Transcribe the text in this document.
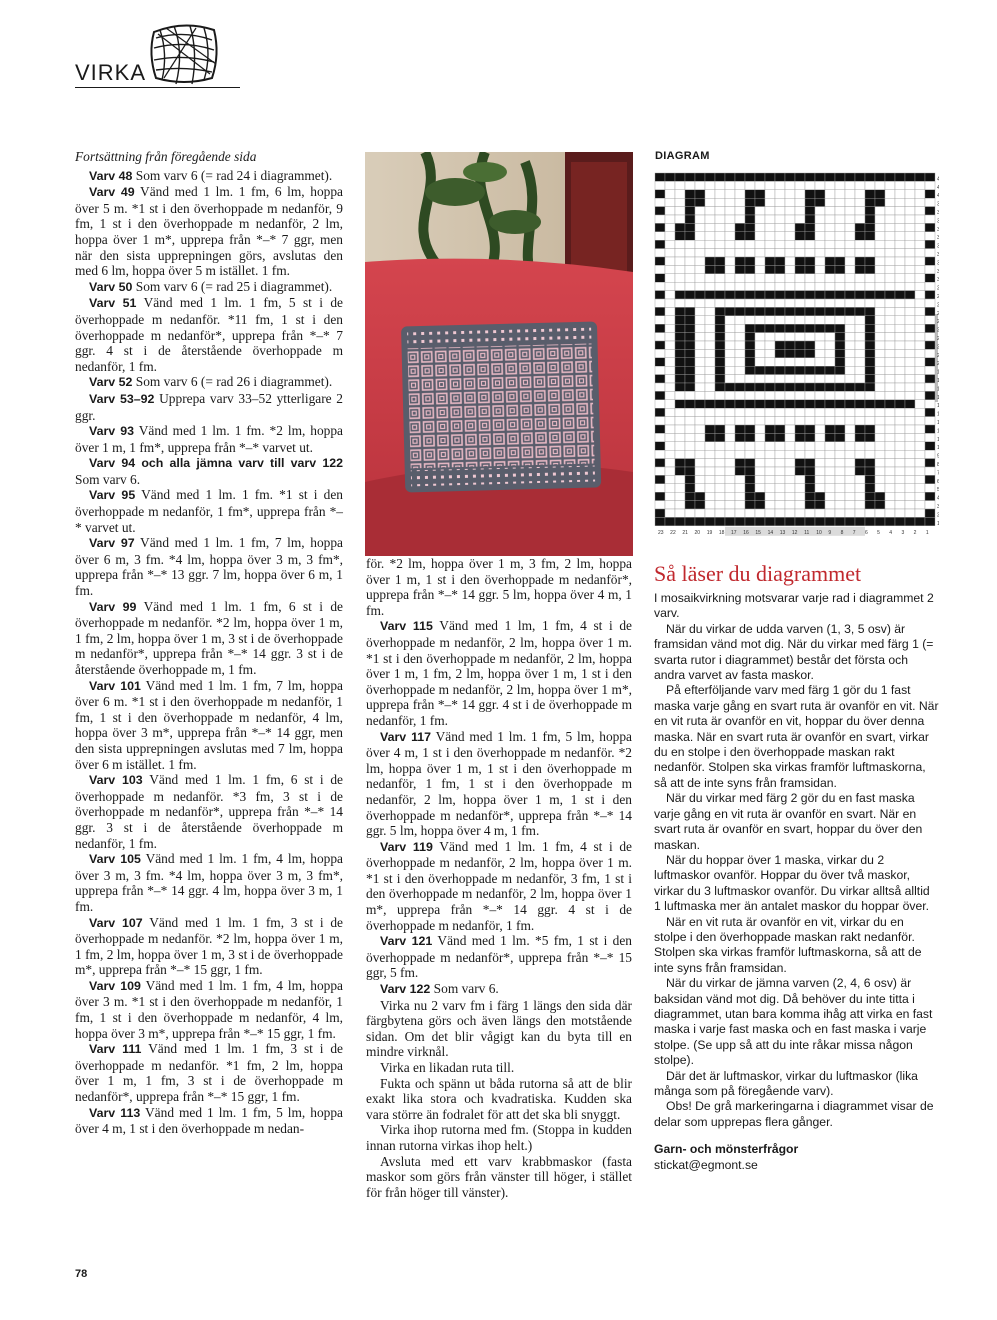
VIRKA

Fortsättning från föregående sida

Varv 48 Som varv 6 (= rad 24 i diagrammet).

Varv 49 Vänd med 1 lm. 1 fm, 6 lm, hoppa över 5 m. *1 st i den överhoppade m nedanför, 9 fm, 1 st i den överhoppade m nedanför, 2 lm, hoppa över 1 m*, upprepa från *–* 7 ggr, men när den sista upprepningen görs, avslutas den med 6 lm, hoppa över 5 m istället. 1 fm.

Varv 50 Som varv 6 (= rad 25 i diagrammet).

Varv 51 Vänd med 1 lm. 1 fm, 5 st i de överhoppade m nedanför. *11 fm, 1 st i den överhoppade m nedanför*, upprepa från *–* 7 ggr. 4 st i de återstående överhoppade m nedanför, 1 fm.

Varv 52 Som varv 6 (= rad 26 i diagrammet).

Varv 53–92 Upprepa varv 33–52 ytterligare 2 ggr.

Varv 93 Vänd med 1 lm. 1 fm. *2 lm, hoppa över 1 m, 1 fm*, upprepa från *–* varvet ut.

Varv 94 och alla jämna varv till varv 122 Som varv 6.

Varv 95 Vänd med 1 lm. 1 fm. *1 st i den överhoppade m nedanför, 1 fm*, upprepa från *–* varvet ut.

Varv 97 Vänd med 1 lm. 1 fm, 7 lm, hoppa över 6 m, 3 fm. *4 lm, hoppa över 3 m, 3 fm*, upprepa från *–* 13 ggr. 7 lm, hoppa över 6 m, 1 fm.

Varv 99 Vänd med 1 lm. 1 fm, 6 st i de överhoppade m nedanför. *2 lm, hoppa över 1 m, 1 fm, 2 lm, hoppa över 1 m, 3 st i de överhoppade m nedanför*, upprepa från *–* 14 ggr. 3 st i de återstående överhoppade m, 1 fm.

Varv 101 Vänd med 1 lm. 1 fm, 7 lm, hoppa över 6 m. *1 st i den överhoppade m nedanför, 1 fm, 1 st i den överhoppade m nedanför, 4 lm, hoppa över 3 m*, upprepa från *–* 14 ggr, men den sista upprepningen avslutas med 7 lm, hoppa över 6 m istället. 1 fm.

Varv 103 Vänd med 1 lm. 1 fm, 6 st i de överhoppade m nedanför. *3 fm, 3 st i de överhoppade m nedanför*, upprepa från *–* 14 ggr. 3 st i de återstående överhoppade m nedanför, 1 fm.

Varv 105 Vänd med 1 lm. 1 fm, 4 lm, hoppa över 3 m, 3 fm. *4 lm, hoppa över 3 m, 3 fm*, upprepa från *–* 14 ggr. 4 lm, hoppa över 3 m, 1 fm.

Varv 107 Vänd med 1 lm. 1 fm, 3 st i de överhoppade m nedanför. *2 lm, hoppa över 1 m, 1 fm, 2 lm, hoppa över 1 m, 3 st i de överhoppade m*, upprepa från *–* 15 ggr, 1 fm.

Varv 109 Vänd med 1 lm. 1 fm, 4 lm, hoppa över 3 m. *1 st i den överhoppade m nedanför, 1 fm, 1 st i den överhoppade m nedanför, 4 lm, hoppa över 3 m*, upprepa från *–* 15 ggr, 1 fm.

Varv 111 Vänd med 1 lm. 1 fm, 3 st i de överhoppade m nedanför. *1 fm, 2 lm, hoppa över 1 m, 1 fm, 3 st i de överhoppade m nedanför*, upprepa från *–* 15 ggr, 1 fm.

Varv 113 Vänd med 1 lm. 1 fm, 5 lm, hoppa över 4 m, 1 st i den överhoppade m nedan-

för. *2 lm, hoppa över 1 m, 3 fm, 2 lm, hoppa över 1 m, 1 st i den överhoppade m nedanför*, upprepa från *–* 14 ggr. 5 lm, hoppa över 4 m, 1 fm.

Varv 115 Vänd med 1 lm, 1 fm, 4 st i de överhoppade m nedanför, 2 lm, hoppa över 1 m. *1 st i den överhoppade m nedanför, 2 lm, hoppa över 1 m, 1 fm, 2 lm, hoppa över 1 m, 1 st i den överhoppade m nedanför, 2 lm, hoppa över 1 m*, upprepa från *–* 14 ggr. 4 st i de överhoppade m nedanför, 1 fm.

Varv 117 Vänd med 1 lm. 1 fm, 5 lm, hoppa över 4 m, 1 st i den överhoppade m nedanför. *2 lm, hoppa över 1 m, 1 st i den överhoppade m nedanför, 1 fm, 1 st i den överhoppade m nedanför, 2 lm, hoppa över 1 m, 1 st i den överhoppade m nedanför*, upprepa från *–* 14 ggr. 5 lm, hoppa över 4 m, 1 fm.

Varv 119 Vänd med 1 lm. 1 fm, 4 st i de överhoppade m nedanför, 2 lm, hoppa över 1 m. *1 st i den överhoppade m nedanför, 3 fm, 1 st i den överhoppade m nedanför, 2 lm, hoppa över 1 m*, upprepa från *–* 14 ggr. 4 st i de överhoppade m nedanför, 1 fm.

Varv 121 Vänd med 1 lm. *5 fm, 1 st i den överhoppade m nedanför*, upprepa från *–* 15 ggr, 5 fm.

Varv 122 Som varv 6.

Virka nu 2 varv fm i färg 1 längs den sida där färgbytena görs och även längs den motstående sidan. Om det blir vågigt kan du byta till en mindre virknål.

Virka en likadan ruta till.

Fukta och spänn ut båda rutorna så att de blir exakt lika stora och kvadratiska. Kudden ska vara större än fodralet för att det ska bli snyggt.

Virka ihop rutorna med fm. (Stoppa in kudden innan rutorna virkas ihop helt.)

Avsluta med ett varv krabbmaskor (fasta maskor som görs från vänster till höger, i stället för från höger till vänster).

DIAGRAM
4
4
4
3
3
3
3
3
3
3
3
3
3
2
2
2
2
2
2
2
2
2
2
1
1
1
1
1
1
1
1
1
1
9
8
7
6
5
4
3
2
1
23 22 21 20 19 18 17 16 15 14 13 12 11 10 9 8 7 6 5 4 3 2 1
Så läser du diagrammet

I mosaikvirkning motsvarar varje rad i diagrammet 2 varv.

När du virkar de udda varven (1, 3, 5 osv) är framsidan vänd mot dig. När du virkar med färg 1 (= svarta rutor i diagrammet) består det första och andra varvet av fasta maskor.

På efterföljande varv med färg 1 gör du 1 fast maska varje gång en svart ruta är ovanför en vit. När en vit ruta är ovanför en vit, hoppar du över denna maska. När en svart ruta är ovanför en svart, virkar du en stolpe i den överhoppade maskan rakt nedanför. Stolpen ska virkas framför luftmaskorna, så att de inte syns från framsidan.

När du virkar med färg 2 gör du en fast maska varje gång en vit ruta är ovanför en svart. När en svart ruta är ovanför en svart, hoppar du över den maskan.

När du hoppar över 1 maska, virkar du 2 luftmaskor ovanför. Hoppar du över två maskor, virkar du 3 luftmaskor ovanför. Du virkar alltså alltid 1 luftmaska mer än antalet maskor du hoppar över.

När en vit ruta är ovanför en vit, virkar du en stolpe i den överhoppade maskan rakt nedanför. Stolpen ska virkas framför luftmaskorna, så att de inte syns från framsidan.

När du virkar de jämna varven (2, 4, 6 osv) är baksidan vänd mot dig. Då behöver du inte titta i diagrammet, utan bara komma ihåg att virka en fast maska i varje fast maska och en fast maska i varje stolpe. (Se upp så att du inte råkar missa någon stolpe).

Där det är luftmaskor, virkar du luftmaskor (lika många som på föregående varv).

Obs! De grå markeringarna i diagrammet visar de delar som upprepas flera gånger.

Garn- och mönsterfrågor
stickat@egmont.se
78
